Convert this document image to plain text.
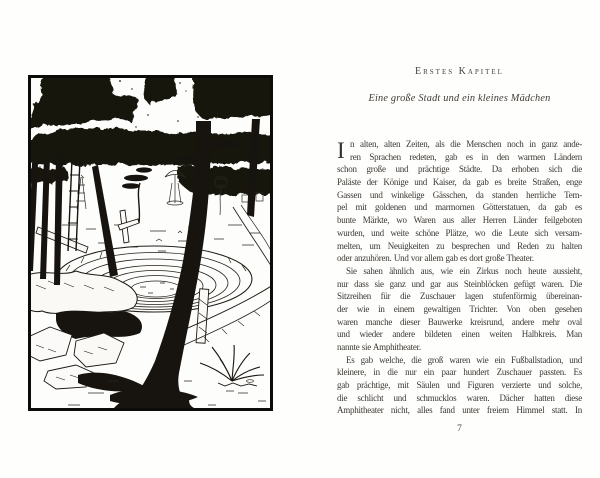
Erstes Kapitel
Eine große Stadt und ein kleines Mädchen
I n alten, alten Zeiten, als die Menschen noch in ganz ande-
ren Sprachen redeten, gab es in den warmen Ländern
schon große und prächtige Städte. Da erhoben sich die
Paläste der Könige und Kaiser, da gab es breite Straßen, enge
Gassen und winkelige Gässchen, da standen herrliche Tem-
pel mit goldenen und marmornen Götterstatuen, da gab es
bunte Märkte, wo Waren aus aller Herren Länder feilgeboten
wurden, und weite schöne Plätze, wo die Leute sich versam-
melten, um Neuigkeiten zu besprechen und Reden zu halten
oder anzuhören. Und vor allem gab es dort große Theater.
Sie sahen ähnlich aus, wie ein Zirkus noch heute aussieht,
nur dass sie ganz und gar aus Steinblöcken gefügt waren. Die
Sitzreihen für die Zuschauer lagen stufenförmig übereinan-
der wie in einem gewaltigen Trichter. Von oben gesehen
waren manche dieser Bauwerke kreisrund, andere mehr oval
und wieder andere bildeten einen weiten Halbkreis. Man
nannte sie Amphitheater.
Es gab welche, die groß waren wie ein Fußballstadion, und
kleinere, in die nur ein paar hundert Zuschauer passten. Es
gab prächtige, mit Säulen und Figuren verzierte und solche,
die schlicht und schmucklos waren. Dächer hatten diese
Amphitheater nicht, alles fand unter freiem Himmel statt. In
7
